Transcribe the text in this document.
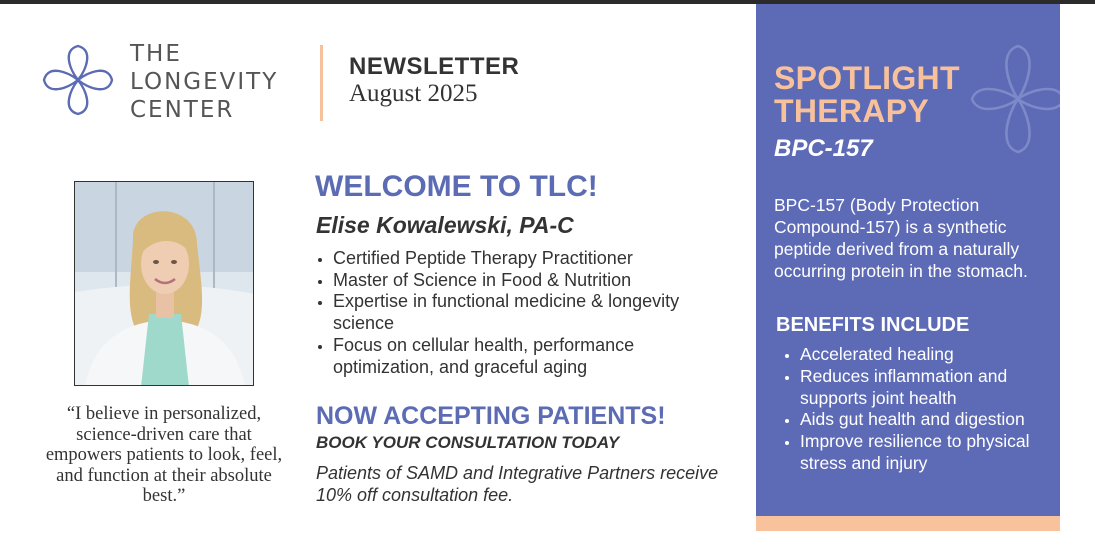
THE
LONGEVITY
CENTER
NEWSLETTER
August 2025
“I believe in personalized, science-driven care that empowers patients to look, feel, and function at their absolute best.”
WELCOME TO TLC!
Elise Kowalewski, PA-C
• Certified Peptide Therapy Practitioner
• Master of Science in Food & Nutrition
• Expertise in functional medicine & longevity science
• Focus on cellular health, performance optimization, and graceful aging
NOW ACCEPTING PATIENTS!
BOOK YOUR CONSULTATION TODAY
Patients of SAMD and Integrative Partners receive 10% off consultation fee.
SPOTLIGHT
THERAPY
BPC-157
BPC-157 (Body Protection Compound-157) is a synthetic peptide derived from a naturally occurring protein in the stomach.
BENEFITS INCLUDE
• Accelerated healing
• Reduces inflammation and supports joint health
• Aids gut health and digestion
• Improve resilience to physical stress and injury
